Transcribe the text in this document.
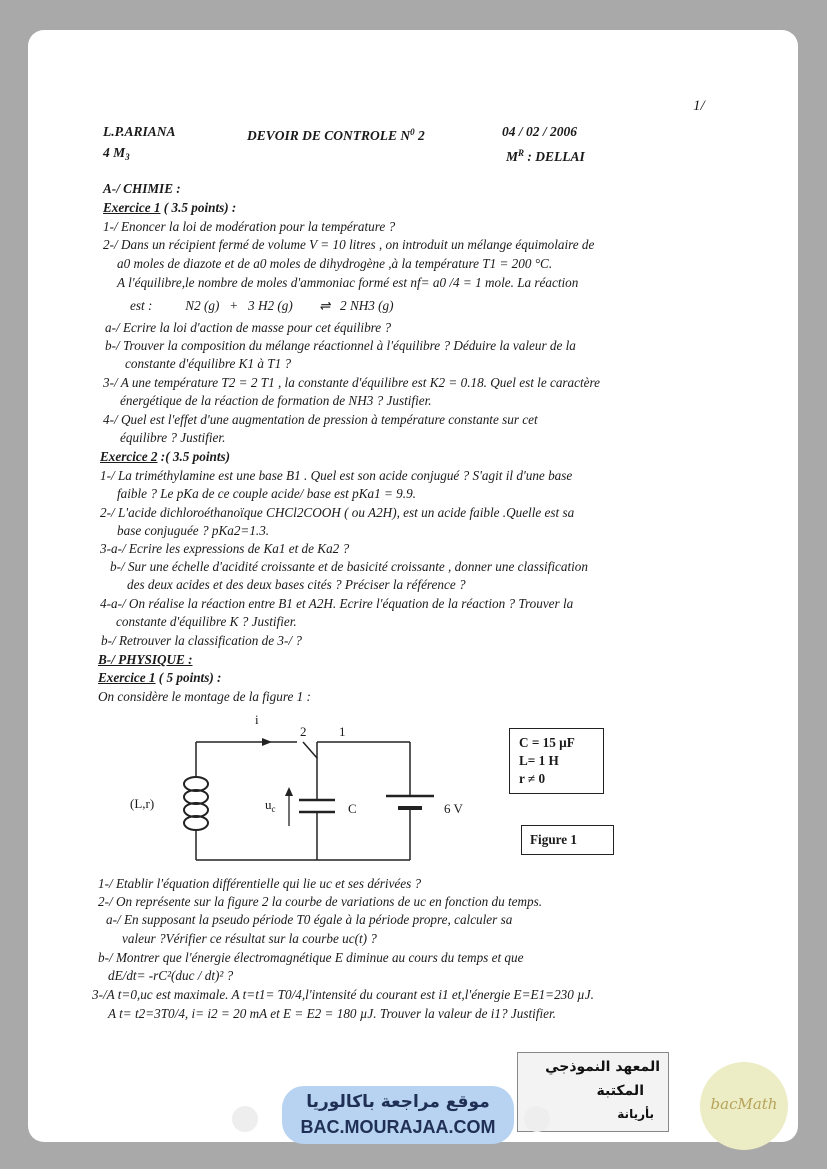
1/
L.P.ARIANA	DEVOIR DE CONTROLE $N^0$ 2	04 / 02 / 2006
4 $M_3$	$M^R$ : DELLAI
A-/ CHIMIE :
Exercice 1 ( 3.5 points) :
1-/ Enoncer la loi de modération pour la température ?
2-/ Dans un récipient fermé de volume V = 10 litres , on introduit un mélange équimolaire de
a0 moles de diazote et de a0 moles de dihydrogène ,à la température T1 = 200 °C.
A l'équilibre,le nombre de moles d'ammoniac formé est nf= a0 /4 = 1 mole. La réaction
est :          N2 (g)   +   3 H2 (g)        ⇌   2 NH3 (g)
a-/ Ecrire la loi d'action de masse pour cet équilibre ?
b-/ Trouver la composition du mélange réactionnel à l'équilibre ? Déduire la valeur de la
constante d'équilibre K1 à T1 ?
3-/ A une température T2 = 2 T1 , la constante d'équilibre est K2 = 0.18. Quel est le caractère
énergétique de la réaction de formation de NH3 ? Justifier.
4-/ Quel est l'effet d'une augmentation de pression à température constante sur cet
équilibre ? Justifier.
Exercice 2 :( 3.5 points)
1-/ La triméthylamine est une base B1 . Quel est son acide conjugué ? S'agit il d'une base
faible ? Le pKa de ce couple acide/ base est pKa1 = 9.9.
2-/ L'acide dichloroéthanoïque CHCl2COOH ( ou A2H), est un acide faible .Quelle est sa
base conjuguée ? pKa2=1.3.
3-a-/ Ecrire les expressions de Ka1 et de Ka2 ?
b-/ Sur une échelle d'acidité croissante et de basicité croissante , donner une classification
des deux acides et des deux bases cités ? Préciser la référence ?
4-a-/ On réalise la réaction entre B1 et A2H. Ecrire l'équation de la réaction ? Trouver la
constante d'équilibre K ? Justifier.
b-/ Retrouver la classification de 3-/ ?
B-/ PHYSIQUE :
Exercice 1 ( 5 points) :
On considère le montage de la figure 1 :
i
2	1
(L,r)	$u_c$	C	6 V
C = 15 µF
L= 1 H
r ≠ 0
Figure 1
1-/ Etablir l'équation différentielle qui lie uc et ses dérivées ?
2-/ On représente sur la figure 2 la courbe de variations de uc en fonction du temps.
a-/ En supposant la pseudo période T0 égale à la période propre, calculer sa
valeur ?Vérifier ce résultat sur la courbe uc(t) ?
b-/ Montrer que l'énergie électromagnétique E diminue au cours du temps et que
dE/dt= -rC²(duc / dt)² ?
3-/A t=0,uc est maximale. A t=t1= T0/4,l'intensité du courant est i1 et,l'énergie E=E1=230 µJ.
A t= t2=3T0/4, i= i2 = 20 mA et E = E2 = 180 µJ. Trouver la valeur de i1? Justifier.
المعهد النموذجي
المكتبة
بأريانة
موقع مراجعة باكالوريا
BAC.MOURAJAA.COM
bacMath
